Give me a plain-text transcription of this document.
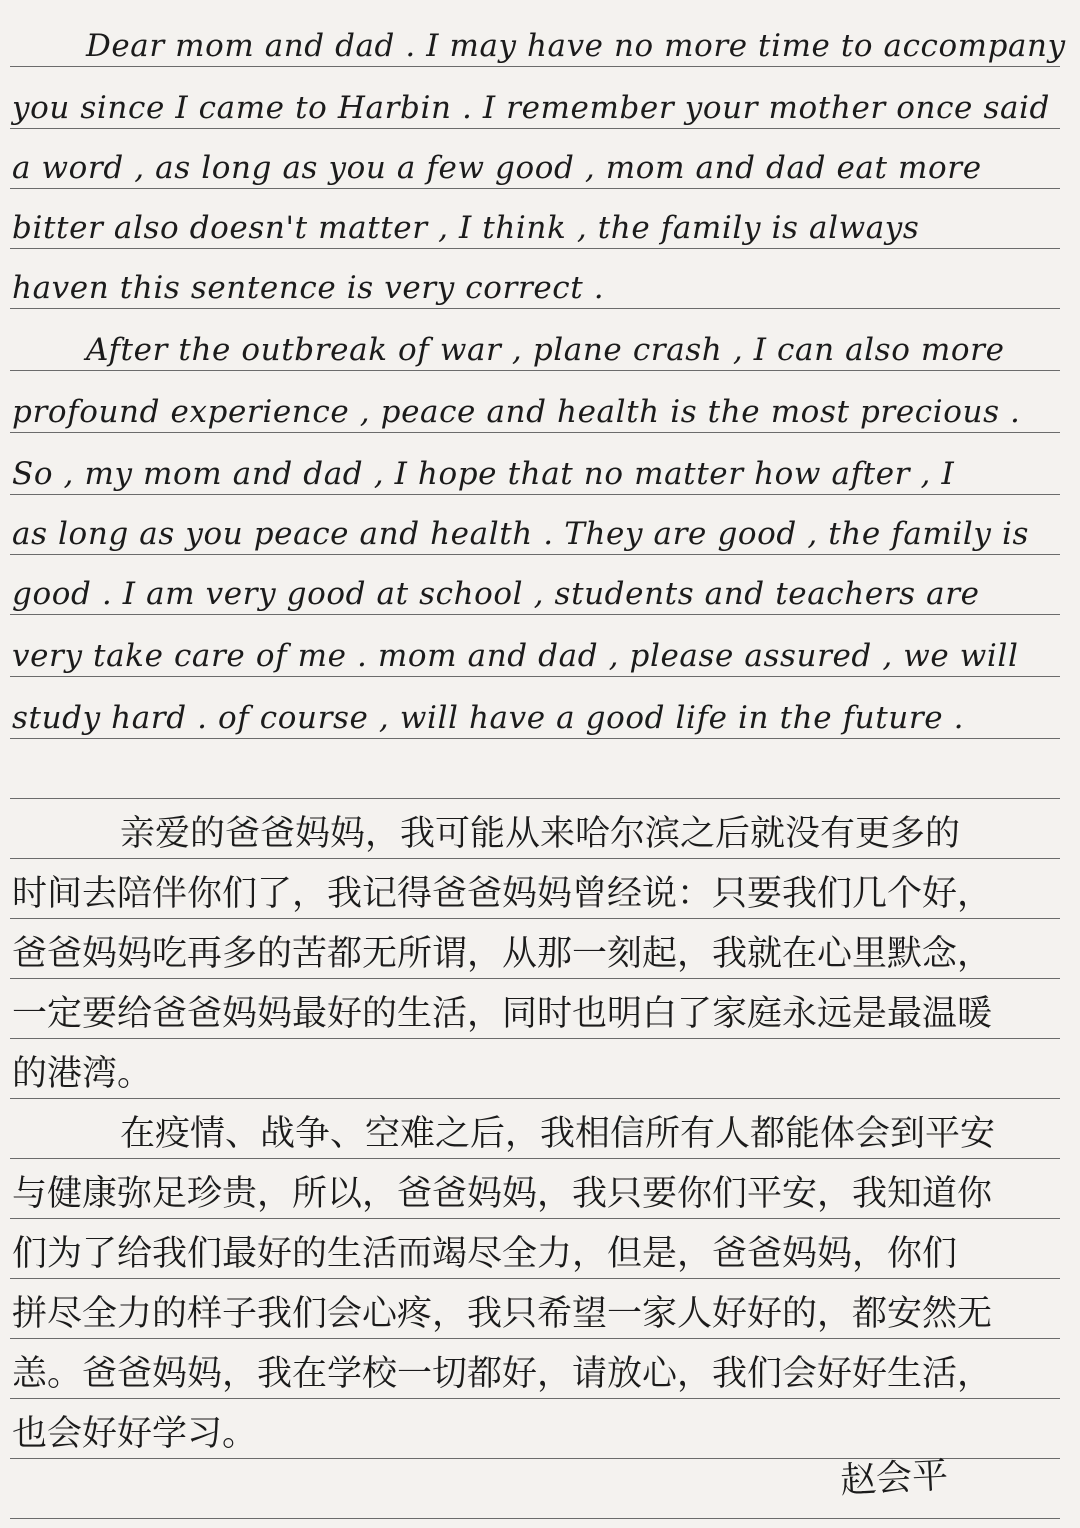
Dear mom and dad . I may have no more time to accompany
you since I came to Harbin . I remember your mother once said
a word , as long as you a few good , mom and dad eat more
bitter also doesn't matter , I think , the family is always
haven this sentence is very correct .
After the outbreak of war , plane crash , I can also more
profound experience , peace and health is the most precious .
So , my mom and dad , I hope that no matter how after , I
as long as you peace and health . They are good , the family is
good . I am very good at school , students and teachers are
very take care of me . mom and dad , please assured , we will
study hard . of course , will have a good life in the future .
亲爱的爸爸妈妈，我可能从来哈尔滨之后就没有更多的
时间去陪伴你们了，我记得爸爸妈妈曾经说：只要我们几个好，
爸爸妈妈吃再多的苦都无所谓，从那一刻起，我就在心里默念，
一定要给爸爸妈妈最好的生活，同时也明白了家庭永远是最温暖
的港湾。
在疫情、战争、空难之后，我相信所有人都能体会到平安
与健康弥足珍贵，所以，爸爸妈妈，我只要你们平安，我知道你
们为了给我们最好的生活而竭尽全力，但是，爸爸妈妈，你们
拼尽全力的样子我们会心疼，我只希望一家人好好的，都安然无
恙。爸爸妈妈，我在学校一切都好，请放心，我们会好好生活，
也会好好学习。
赵会平
